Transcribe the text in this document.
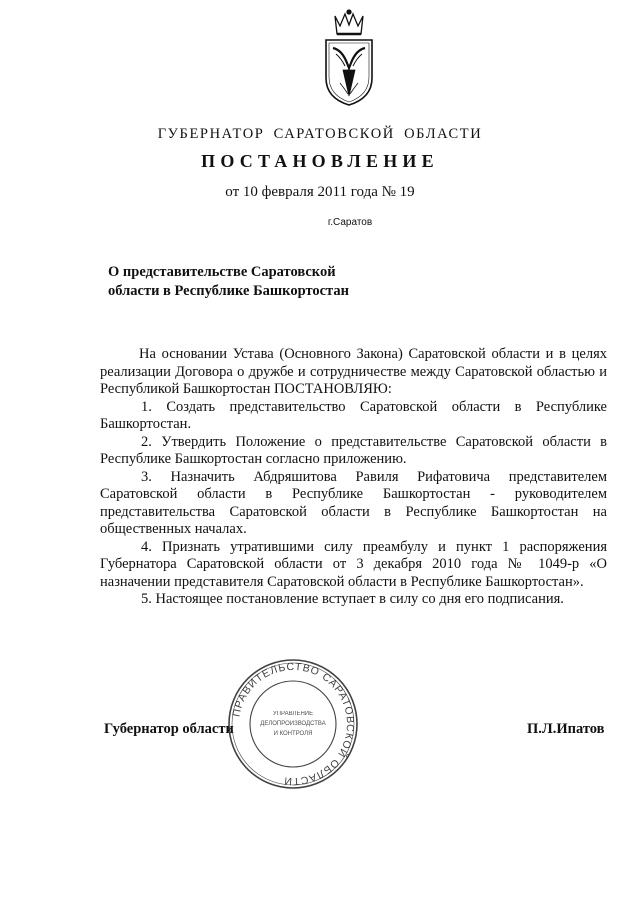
ГУБЕРНАТОР САРАТОВСКОЙ ОБЛАСТИ
ПОСТАНОВЛЕНИЕ
от 10 февраля 2011 года № 19
г.Саратов
О представительстве Саратовской
области в Республике Башкортостан

На основании Устава (Основного Закона) Саратовской области и в целях реализации Договора о дружбе и сотрудничестве между Саратовской областью и Республикой Башкортостан ПОСТАНОВЛЯЮ:

1. Создать представительство Саратовской области в Республике Башкортостан.

2. Утвердить Положение о представительстве Саратовской области в Республике Башкортостан согласно приложению.

3. Назначить Абдряшитова Равиля Рифатовича представителем Саратовской области в Республике Башкортостан - руководителем представительства Саратовской области в Республике Башкортостан на общественных началах.

4. Признать утратившими силу преамбулу и пункт 1 распоряжения Губернатора Саратовской области от 3 декабря 2010 года № 1049-р «О назначении представителя Саратовской области в Республике Башкортостан».

5. Настоящее постановление вступает в силу со дня его подписания.

Губернатор области	П.Л.Ипатов
ПРАВИТЕЛЬСТВО САРАТОВСКОЙ ОБЛАСТИ
УПРАВЛЕНИЕ
ДЕЛОПРОИЗВОДСТВА
И КОНТРОЛЯ
